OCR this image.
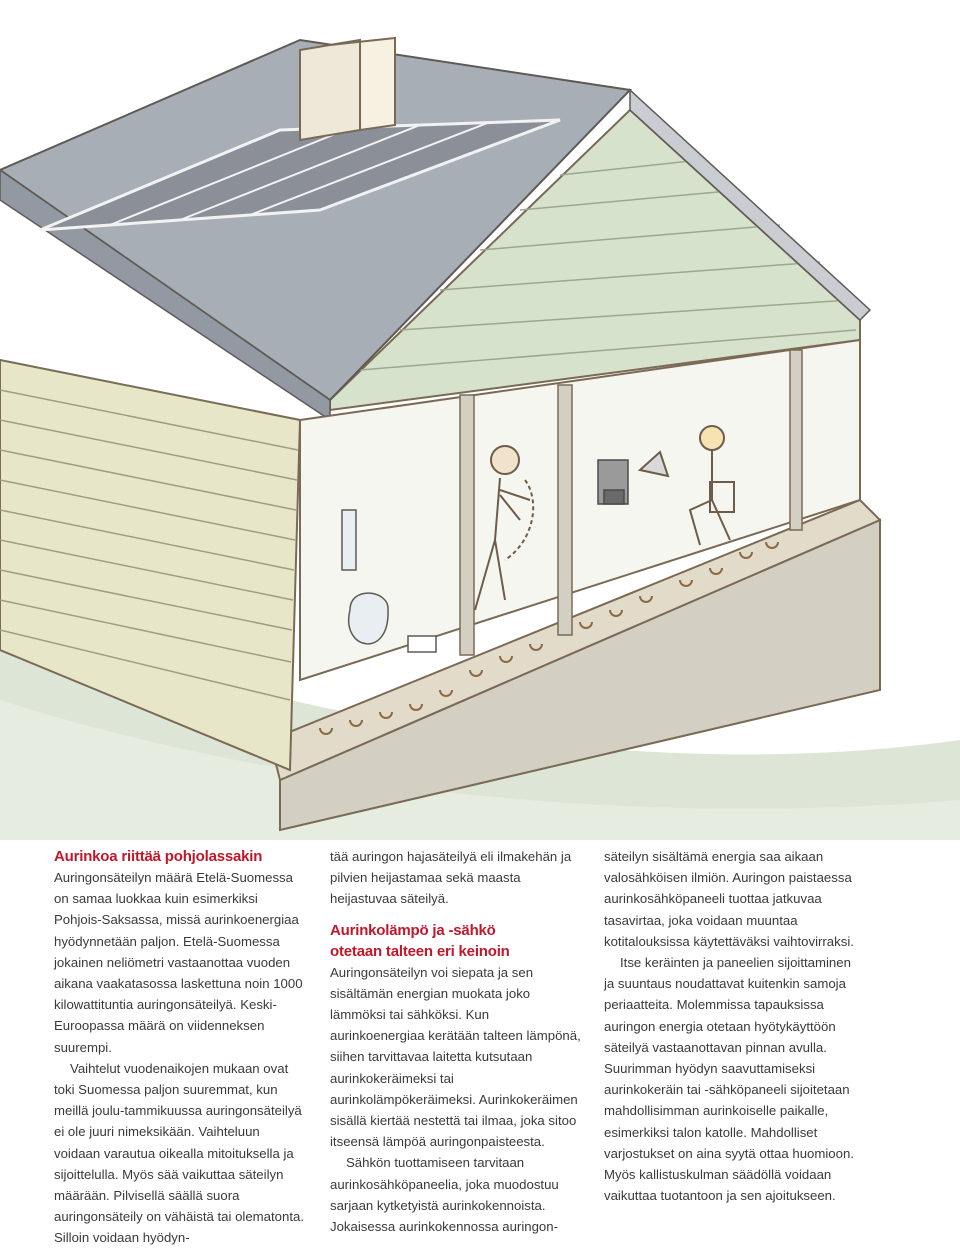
Aurinkoa riittää pohjolassakin

Auringonsäteilyn määrä Etelä-Suomessa on samaa luokkaa kuin esimerkiksi Pohjois-Saksassa, missä aurinkoenergiaa hyödynnetään paljon. Etelä-Suomessa jokainen neliömetri vastaanottaa vuoden aikana vaakatasossa laskettuna noin 1000 kilowattituntia auringonsäteilyä. Keski-Euroopassa määrä on viidenneksen suurempi.

Vaihtelut vuodenaikojen mukaan ovat toki Suomessa paljon suuremmat, kun meillä joulu-tammikuussa auringonsäteilyä ei ole juuri nimeksikään. Vaihteluun voidaan varautua oikealla mitoituksella ja sijoittelulla. Myös sää vaikuttaa säteilyn määrään. Pilvisellä säällä suora auringonsäteily on vähäistä tai olematonta. Silloin voidaan hyödyn-

tää auringon hajasäteilyä eli ilmakehän ja pilvien heijastamaa sekä maasta heijastuvaa säteilyä.

Aurinkolämpö ja -sähkö

otetaan talteen eri keinoin

Auringonsäteilyn voi siepata ja sen sisältämän energian muokata joko lämmöksi tai sähköksi. Kun aurinkoenergiaa kerätään talteen lämpönä, siihen tarvittavaa laitetta kutsutaan aurinkokeräimeksi tai aurinkolämpökeräimeksi. Aurinkokeräimen sisällä kiertää nestettä tai ilmaa, joka sitoo itseensä lämpöä auringonpaisteesta.

Sähkön tuottamiseen tarvitaan aurinkosähköpaneelia, joka muodostuu sarjaan kytketyistä aurinkokennoista. Jokaisessa aurinkokennossa auringon-

säteilyn sisältämä energia saa aikaan valosähköisen ilmiön. Auringon paistaessa aurinkosähköpaneeli tuottaa jatkuvaa tasavirtaa, joka voidaan muuntaa kotitalouksissa käytettäväksi vaihtovirraksi.

Itse keräinten ja paneelien sijoittaminen ja suuntaus noudattavat kuitenkin samoja periaatteita. Molemmissa tapauksissa auringon energia otetaan hyötykäyttöön säteilyä vastaanottavan pinnan avulla. Suurimman hyödyn saavuttamiseksi aurinkokeräin tai -sähköpaneeli sijoitetaan mahdollisimman aurinkoiselle paikalle, esimerkiksi talon katolle. Mahdolliset varjostukset on aina syytä ottaa huomioon. Myös kallistuskulman säädöllä voidaan vaikuttaa tuotantoon ja sen ajoitukseen.
